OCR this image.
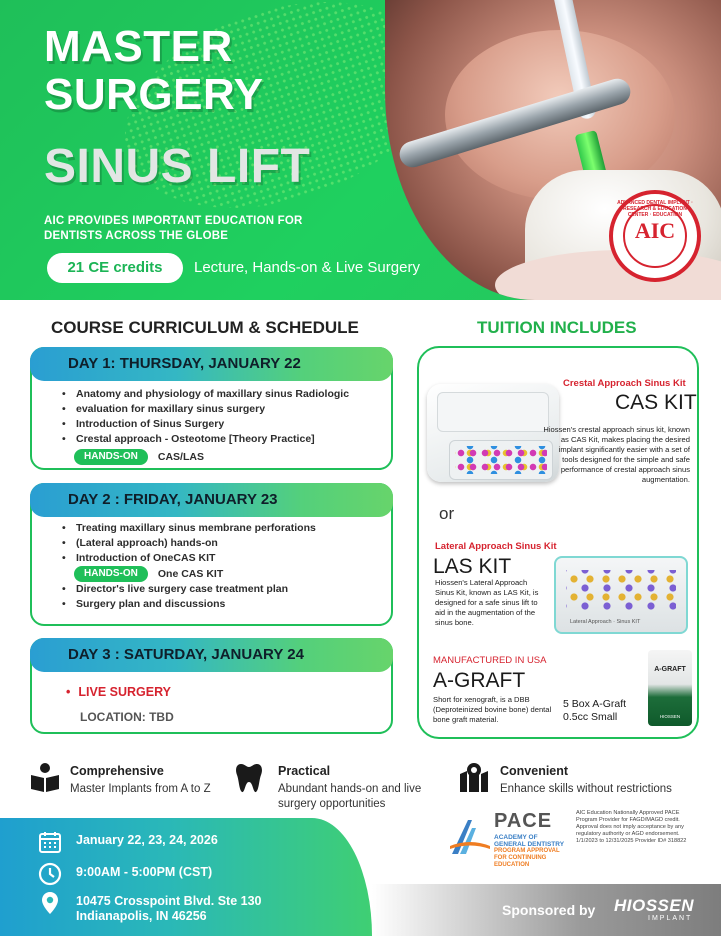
MASTER
SURGERY
SINUS LIFT
AIC PROVIDES IMPORTANT EDUCATION FOR DENTISTS ACROSS THE GLOBE
21 CE credits	Lecture, Hands-on & Live Surgery
ADVANCED DENTAL IMPLANT · RESEARCH & EDUCATION CENTER · EDUCATION
AIC
COURSE CURRICULUM & SCHEDULE	TUITION INCLUDES
DAY 1: THURSDAY, JANUARY 22
• Anatomy and physiology of maxillary sinus Radiologic
• evaluation for maxillary sinus surgery
• Introduction of Sinus Surgery
• Crestal approach - Osteotome [Theory Practice]
HANDS-ON	CAS/LAS
DAY 2 : FRIDAY, JANUARY 23
• Treating maxillary sinus membrane perforations
• (Lateral approach) hands-on
• Introduction of OneCAS KIT
HANDS-ON	One CAS KIT
• Director's live surgery case treatment plan
• Surgery plan and discussions
DAY 3 : SATURDAY, JANUARY 24
• LIVE SURGERY
LOCATION: TBD
Crestal Approach Sinus Kit
CAS KIT
Hiossen's crestal approach sinus kit, known as CAS Kit, makes placing the desired implant significantly easier with a set of tools designed for the simple and safe performance of crestal approach sinus augmentation.
or
Lateral Approach Sinus Kit
LAS KIT
Hiossen's Lateral Approach Sinus Kit, known as LAS Kit, is designed for a safe sinus lift to aid in the augmentation of the sinus bone.	Lateral Approach · Sinus KIT
MANUFACTURED IN USA
A-GRAFT
Short for xenograft, is a DBB (Deproteinized bovine bone) dental bone graft material.
5 Box A-Graft
0.5cc Small
A-GRAFT
HIOSSEN
Comprehensive
Master Implants from A to Z
Practical
Abundant hands-on and live surgery opportunities
Convenient
Enhance skills without restrictions
January 22, 23, 24, 2026
9:00AM - 5:00PM (CST)
10475 Crosspoint Blvd. Ste 130
Indianapolis, IN 46256
PACE
ACADEMY OF
GENERAL DENTISTRY
PROGRAM APPROVAL
FOR CONTINUING
EDUCATION
AIC Education Nationally Approved PACE Program Provider for FAGD/MAGD credit. Approval does not imply acceptance by any regulatory authority or AGD endorsement. 1/1/2023 to 12/31/2025 Provider ID# 318822
Sponsored by HIOSSEN
IMPLANT
